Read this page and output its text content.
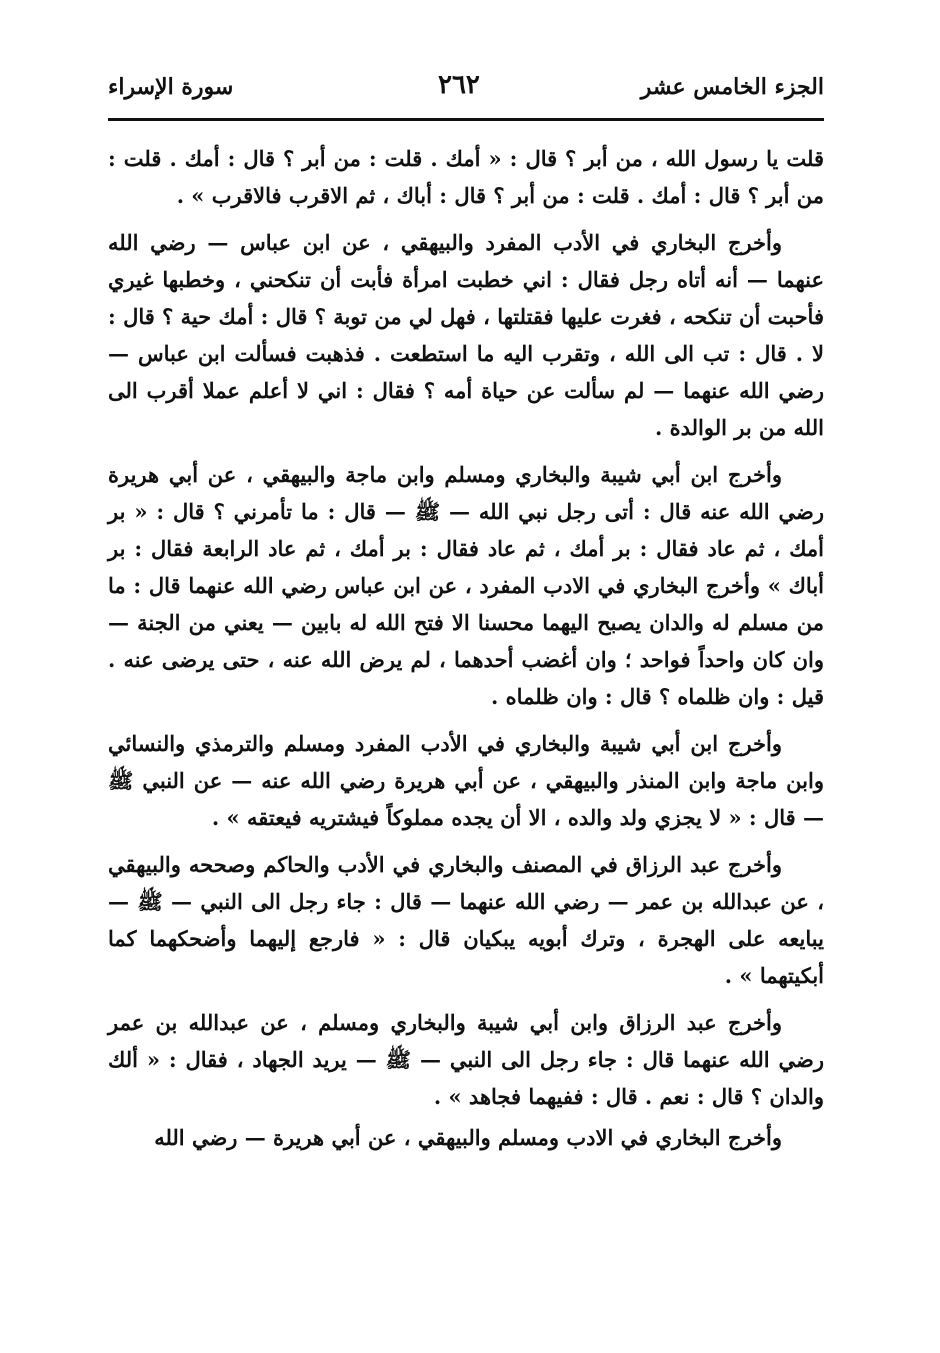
الجزء الخامس عشر
٢٦٢
سورة الإسراء

قلت يا رسول الله ، من أبر ؟ قال : « أمك . قلت : من أبر ؟ قال : أمك . قلت : من أبر ؟ قال : أمك . قلت : من أبر ؟ قال : أباك ، ثم الاقرب فالاقرب » .

وأخرج البخاري في الأدب المفرد والبيهقي ، عن ابن عباس — رضي الله عنهما — أنه أتاه رجل فقال : اني خطبت امرأة فأبت أن تنكحني ، وخطبها غيري فأحبت أن تنكحه ، فغرت عليها فقتلتها ، فهل لي من توبة ؟ قال : أمك حية ؟ قال : لا . قال : تب الى الله ، وتقرب اليه ما استطعت . فذهبت فسألت ابن عباس — رضي الله عنهما — لم سألت عن حياة أمه ؟ فقال : اني لا أعلم عملا أقرب الى الله من بر الوالدة .

وأخرج ابن أبي شيبة والبخاري ومسلم وابن ماجة والبيهقي ، عن أبي هريرة رضي الله عنه قال : أتى رجل نبي الله — ﷺ — قال : ما تأمرني ؟ قال : « بر أمك ، ثم عاد فقال : بر أمك ، ثم عاد فقال : بر أمك ، ثم عاد الرابعة فقال : بر أباك » وأخرج البخاري في الادب المفرد ، عن ابن عباس رضي الله عنهما قال : ما من مسلم له والدان يصبح اليهما محسنا الا فتح الله له بابين — يعني من الجنة — وان كان واحداً فواحد ؛ وان أغضب أحدهما ، لم يرض الله عنه ، حتى يرضى عنه . قيل : وان ظلماه ؟ قال : وان ظلماه .

وأخرج ابن أبي شيبة والبخاري في الأدب المفرد ومسلم والترمذي والنسائي وابن ماجة وابن المنذر والبيهقي ، عن أبي هريرة رضي الله عنه — عن النبي ﷺ — قال : « لا يجزي ولد والده ، الا أن يجده مملوكاً فيشتريه فيعتقه » .

وأخرج عبد الرزاق في المصنف والبخاري في الأدب والحاكم وصححه والبيهقي ، عن عبدالله بن عمر — رضي الله عنهما — قال : جاء رجل الى النبي — ﷺ — يبايعه على الهجرة ، وترك أبويه يبكيان قال : « فارجع إليهما وأضحكهما كما أبكيتهما » .

وأخرج عبد الرزاق وابن أبي شيبة والبخاري ومسلم ، عن عبدالله بن عمر رضي الله عنهما قال : جاء رجل الى النبي — ﷺ — يريد الجهاد ، فقال : « ألك والدان ؟ قال : نعم . قال : ففيهما فجاهد » .

وأخرج البخاري في الادب ومسلم والبيهقي ، عن أبي هريرة — رضي الله
